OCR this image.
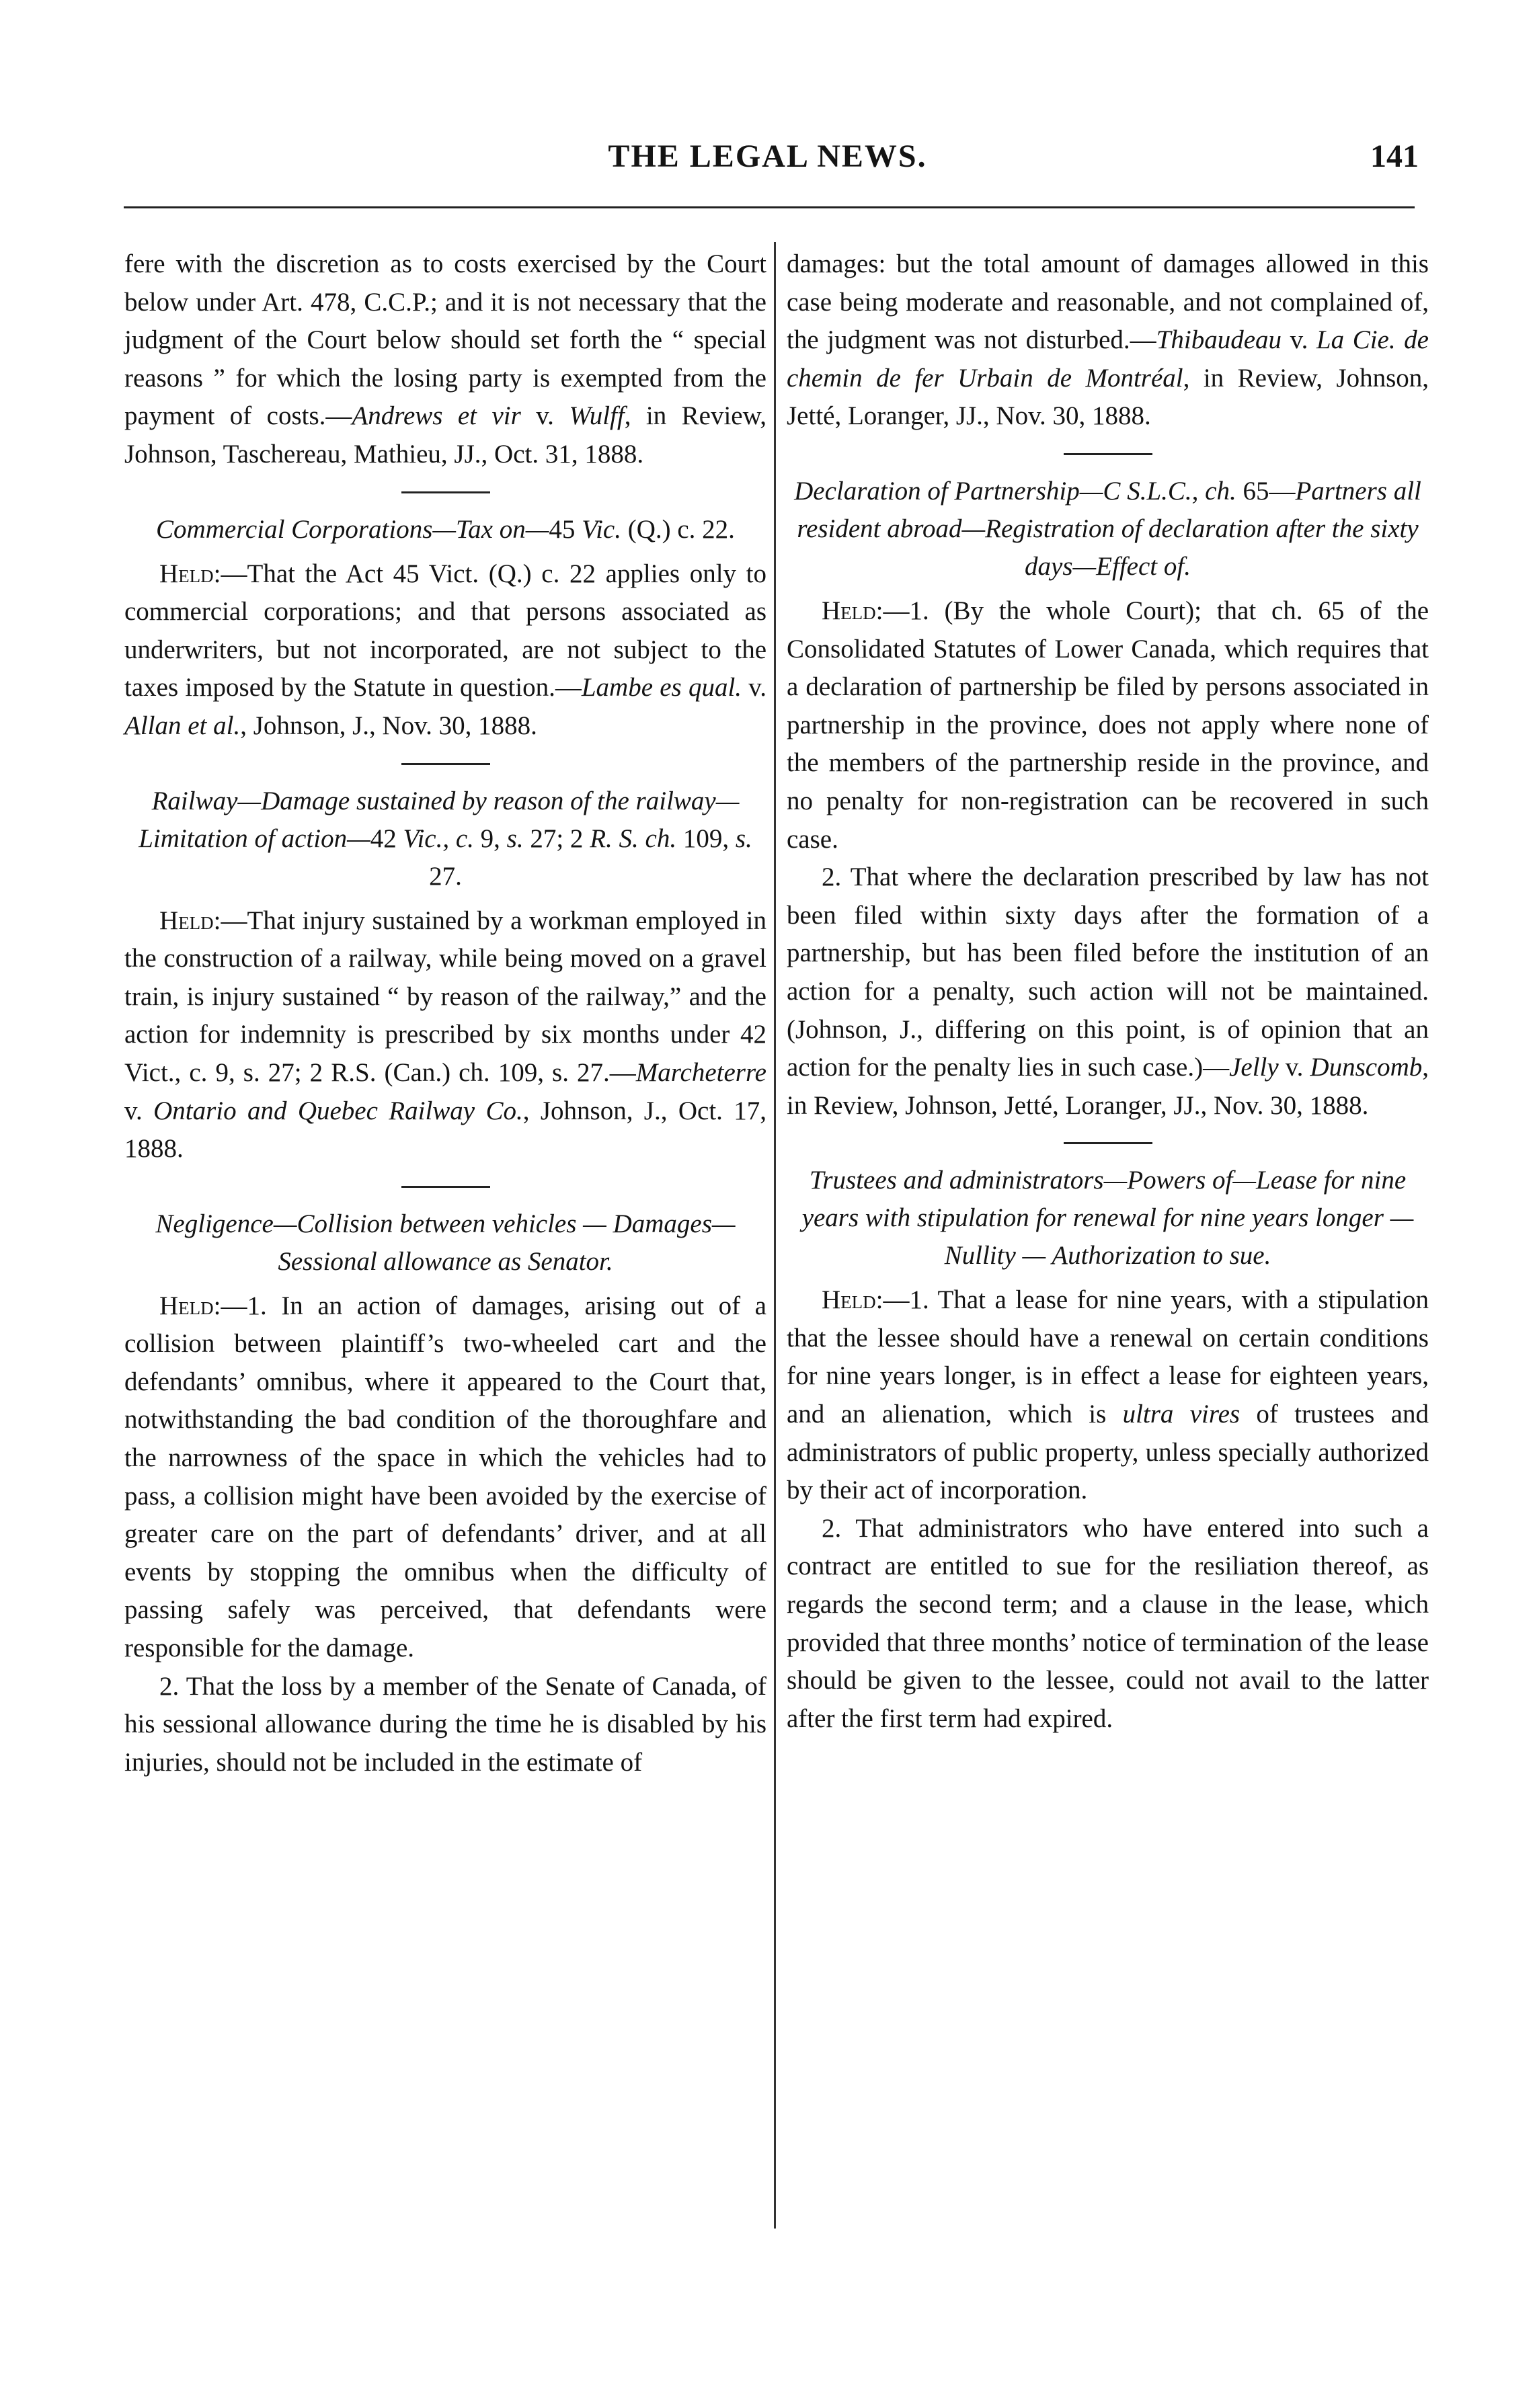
THE LEGAL NEWS.	141

fere with the discretion as to costs exercised by the Court below under Art. 478, C.C.P.; and it is not necessary that the judgment of the Court below should set forth the “ special reasons ” for which the losing party is exempted from the payment of costs.—Andrews et vir v. Wulff, in Review, Johnson, Taschereau, Mathieu, JJ., Oct. 31, 1888.

Commercial Corporations—Tax on—45 Vic. (Q.) c. 22.

Held:—That the Act 45 Vict. (Q.) c. 22 applies only to commercial corporations; and that persons associated as underwriters, but not incorporated, are not subject to the taxes imposed by the Statute in question.—Lambe es qual. v. Allan et al., Johnson, J., Nov. 30, 1888.

Railway—Damage sustained by reason of the railway—Limitation of action—42 Vic., c. 9, s. 27; 2 R. S. ch. 109, s. 27.

Held:—That injury sustained by a workman employed in the construction of a railway, while being moved on a gravel train, is injury sustained “ by reason of the railway,” and the action for indemnity is prescribed by six months under 42 Vict., c. 9, s. 27; 2 R.S. (Can.) ch. 109, s. 27.—Marcheterre v. Ontario and Quebec Railway Co., Johnson, J., Oct. 17, 1888.

Negligence—Collision between vehicles — Damages—Sessional allowance as Senator.

Held:—1. In an action of damages, arising out of a collision between plaintiff’s two-wheeled cart and the defendants’ omnibus, where it appeared to the Court that, notwithstanding the bad condition of the thoroughfare and the narrowness of the space in which the vehicles had to pass, a collision might have been avoided by the exercise of greater care on the part of defendants’ driver, and at all events by stopping the omnibus when the difficulty of passing safely was perceived, that defendants were responsible for the damage.

2. That the loss by a member of the Senate of Canada, of his sessional allowance during the time he is disabled by his injuries, should not be included in the estimate of

damages: but the total amount of damages allowed in this case being moderate and reasonable, and not complained of, the judgment was not disturbed.—Thibaudeau v. La Cie. de chemin de fer Urbain de Montréal, in Review, Johnson, Jetté, Loranger, JJ., Nov. 30, 1888.

Declaration of Partnership—C S.L.C., ch. 65—Partners all resident abroad—Registration of declaration after the sixty days—Effect of.

Held:—1. (By the whole Court); that ch. 65 of the Consolidated Statutes of Lower Canada, which requires that a declaration of partnership be filed by persons associated in partnership in the province, does not apply where none of the members of the partnership reside in the province, and no penalty for non-registration can be recovered in such case.

2. That where the declaration prescribed by law has not been filed within sixty days after the formation of a partnership, but has been filed before the institution of an action for a penalty, such action will not be maintained. (Johnson, J., differing on this point, is of opinion that an action for the penalty lies in such case.)—Jelly v. Dunscomb, in Review, Johnson, Jetté, Loranger, JJ., Nov. 30, 1888.

Trustees and administrators—Powers of—Lease for nine years with stipulation for renewal for nine years longer — Nullity — Authorization to sue.

Held:—1. That a lease for nine years, with a stipulation that the lessee should have a renewal on certain conditions for nine years longer, is in effect a lease for eighteen years, and an alienation, which is ultra vires of trustees and administrators of public property, unless specially authorized by their act of incorporation.

2. That administrators who have entered into such a contract are entitled to sue for the resiliation thereof, as regards the second term; and a clause in the lease, which provided that three months’ notice of termination of the lease should be given to the lessee, could not avail to the latter after the first term had expired.
